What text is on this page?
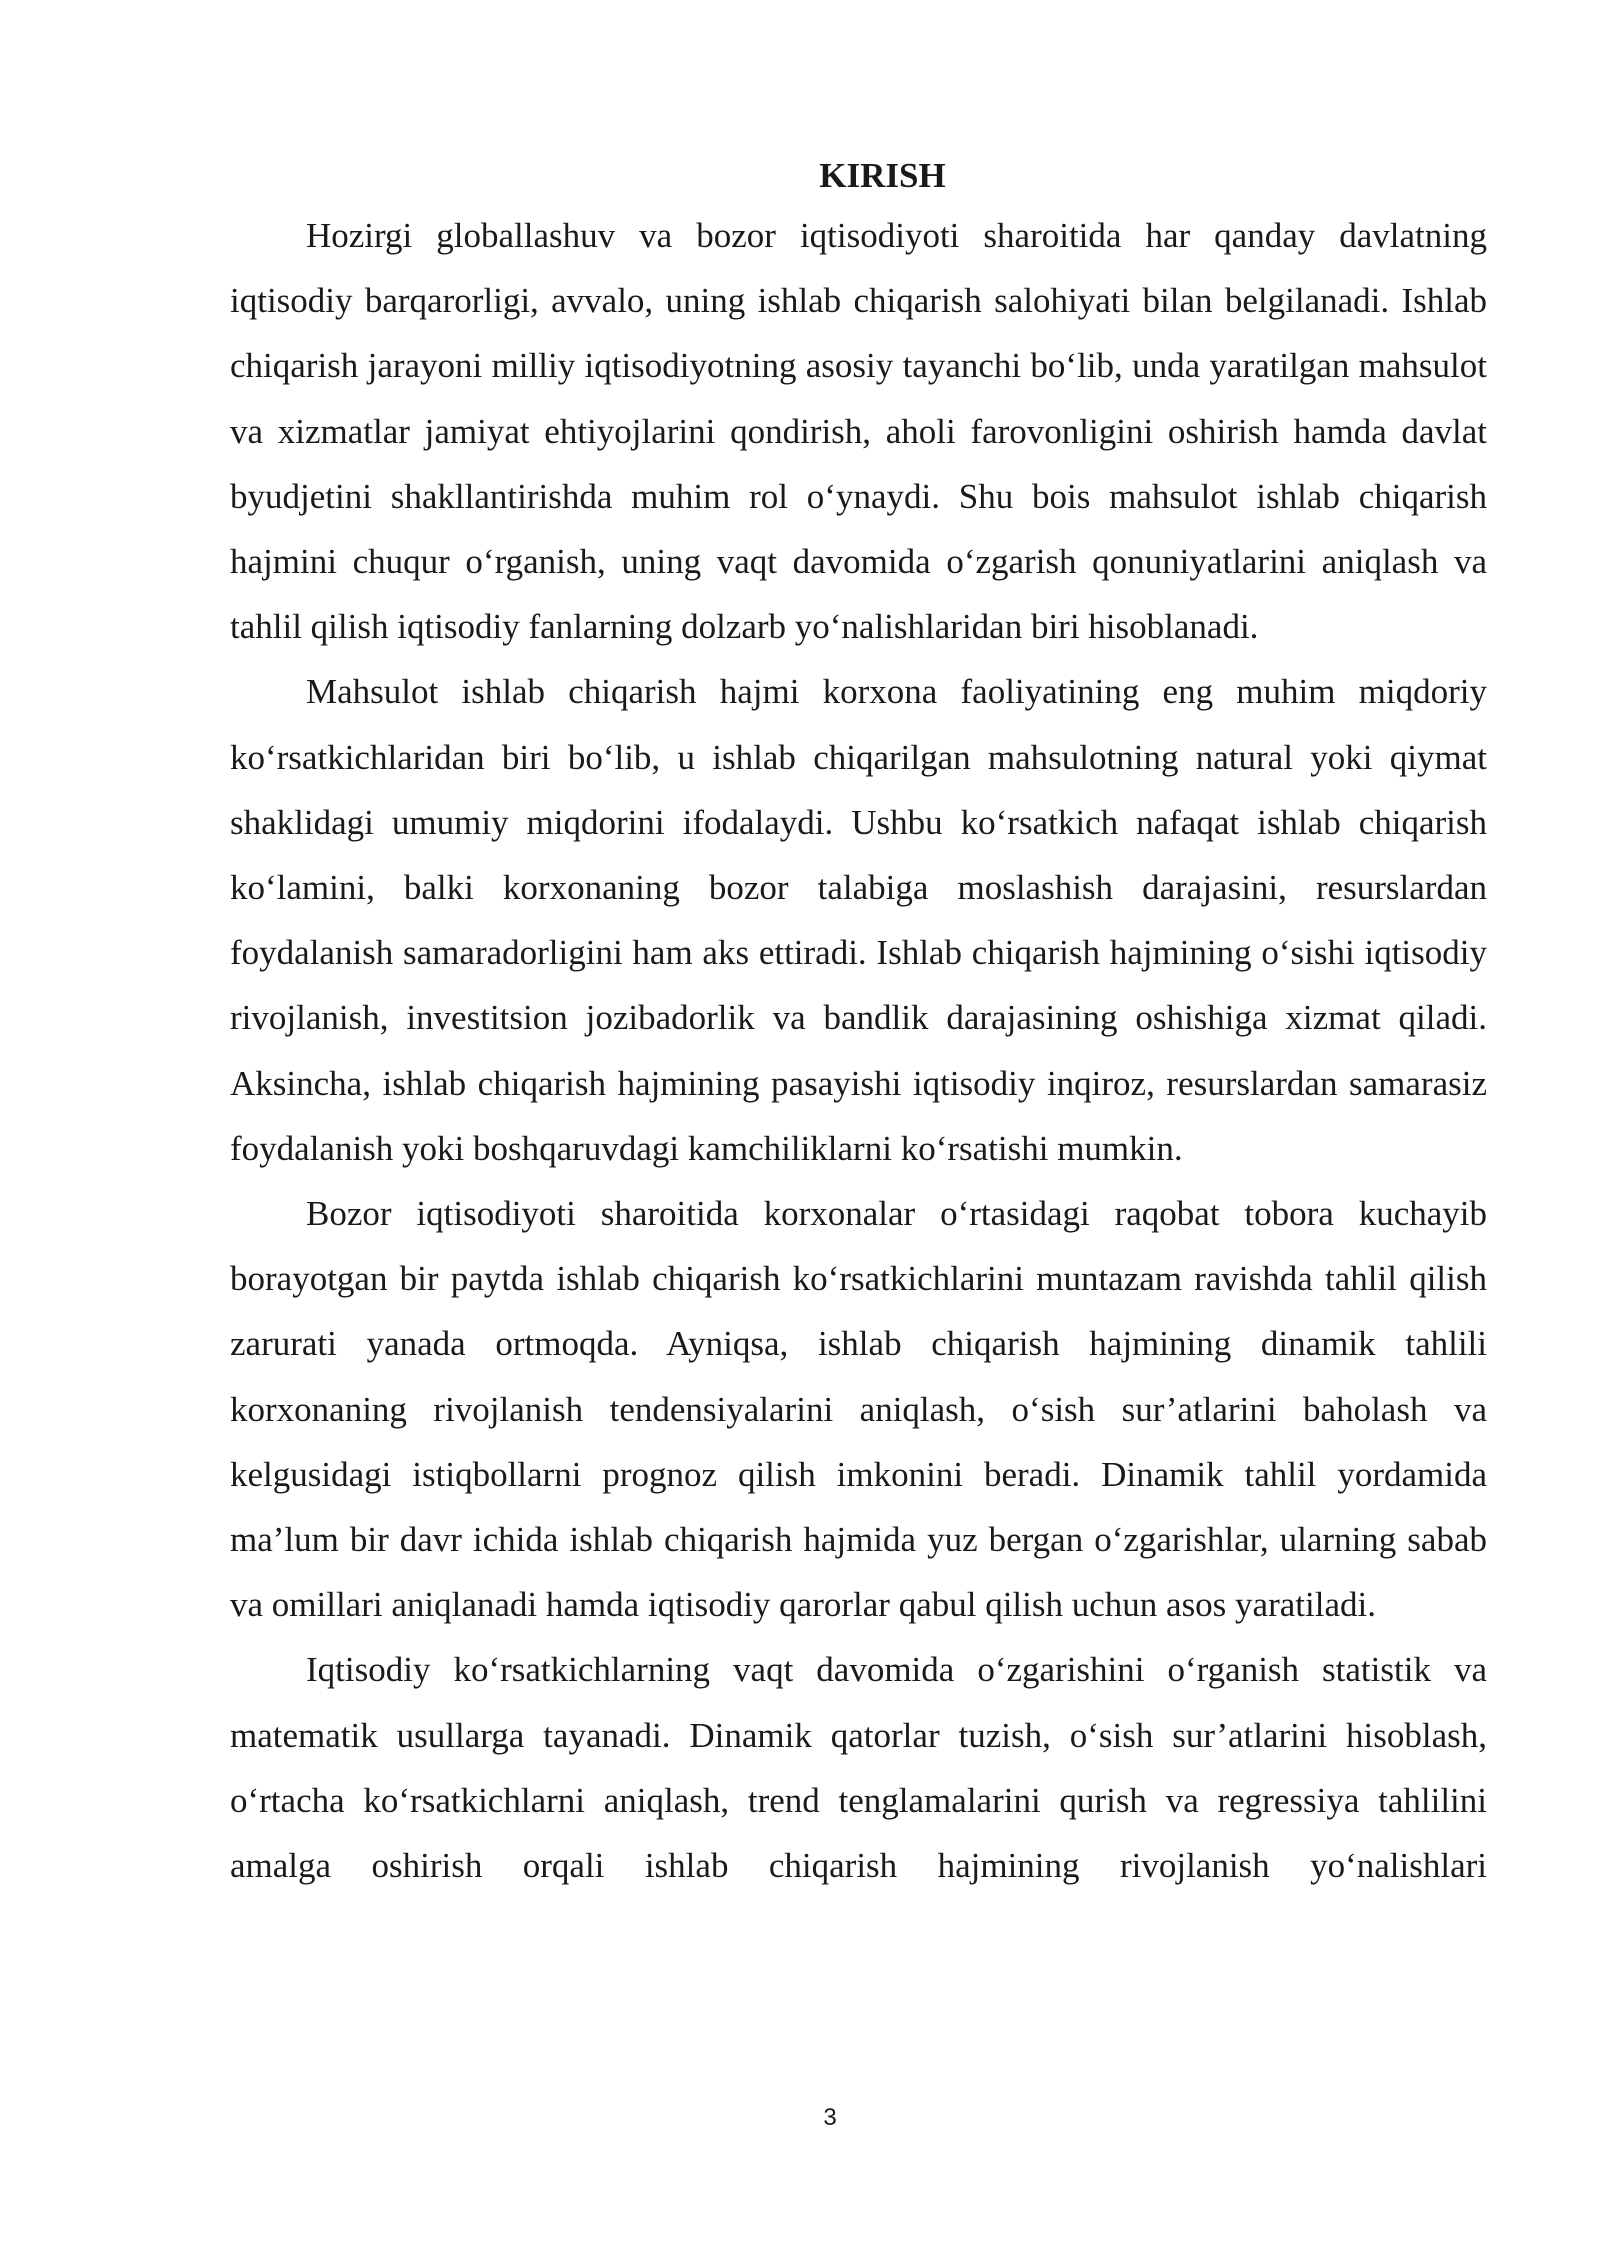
KIRISH

Hozirgi globallashuv va bozor iqtisodiyoti sharoitida har qanday davlatning iqtisodiy barqarorligi, avvalo, uning ishlab chiqarish salohiyati bilan belgilanadi. Ishlab chiqarish jarayoni milliy iqtisodiyotning asosiy tayanchi bo‘lib, unda yaratilgan mahsulot va xizmatlar jamiyat ehtiyojlarini qondirish, aholi farovonligini oshirish hamda davlat byudjetini shakllantirishda muhim rol o‘ynaydi. Shu bois mahsulot ishlab chiqarish hajmini chuqur o‘rganish, uning vaqt davomida o‘zgarish qonuniyatlarini aniqlash va tahlil qilish iqtisodiy fanlarning dolzarb yo‘nalishlaridan biri hisoblanadi.

Mahsulot ishlab chiqarish hajmi korxona faoliyatining eng muhim miqdoriy ko‘rsatkichlaridan biri bo‘lib, u ishlab chiqarilgan mahsulotning natural yoki qiymat shaklidagi umumiy miqdorini ifodalaydi. Ushbu ko‘rsatkich nafaqat ishlab chiqarish ko‘lamini, balki korxonaning bozor talabiga moslashish darajasini, resurslardan foydalanish samaradorligini ham aks ettiradi. Ishlab chiqarish hajmining o‘sishi iqtisodiy rivojlanish, investitsion jozibadorlik va bandlik darajasining oshishiga xizmat qiladi. Aksincha, ishlab chiqarish hajmining pasayishi iqtisodiy inqiroz, resurslardan samarasiz foydalanish yoki boshqaruvdagi kamchiliklarni ko‘rsatishi mumkin.

Bozor iqtisodiyoti sharoitida korxonalar o‘rtasidagi raqobat tobora kuchayib borayotgan bir paytda ishlab chiqarish ko‘rsatkichlarini muntazam ravishda tahlil qilish zarurati yanada ortmoqda. Ayniqsa, ishlab chiqarish hajmining dinamik tahlili korxonaning rivojlanish tendensiyalarini aniqlash, o‘sish sur’atlarini baholash va kelgusidagi istiqbollarni prognoz qilish imkonini beradi. Dinamik tahlil yordamida ma’lum bir davr ichida ishlab chiqarish hajmida yuz bergan o‘zgarishlar, ularning sabab va omillari aniqlanadi hamda iqtisodiy qarorlar qabul qilish uchun asos yaratiladi.

Iqtisodiy ko‘rsatkichlarning vaqt davomida o‘zgarishini o‘rganish statistik va matematik usullarga tayanadi. Dinamik qatorlar tuzish, o‘sish sur’atlarini hisoblash, o‘rtacha ko‘rsatkichlarni aniqlash, trend tenglamalarini qurish va regressiya tahlilini amalga oshirish orqali ishlab chiqarish hajmining rivojlanish yo‘nalishlari

3
